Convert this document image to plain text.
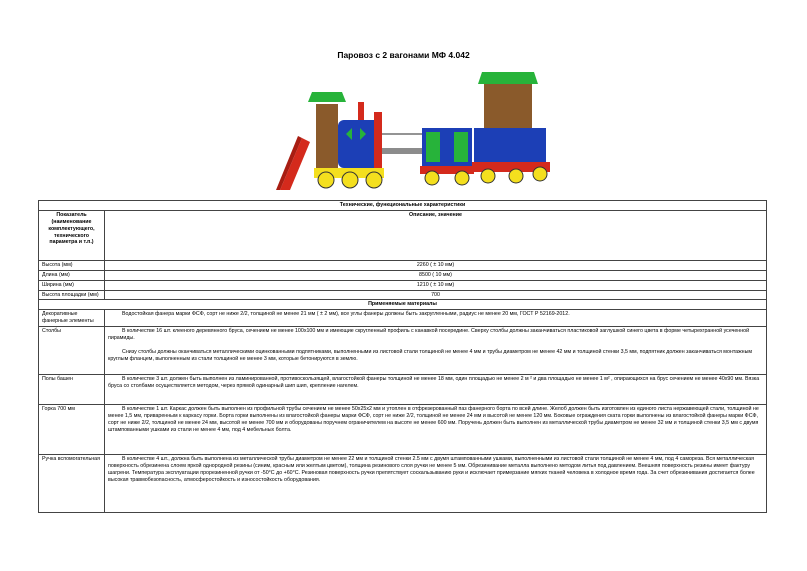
Паровоз с 2 вагонами МФ 4.042
Технические, функциональные характеристики	
Показатель (наименование комплектующего, технического параметра и т.п.)	Описание, значение
Высота (мм)	2260 ( ± 10 мм)
Длина (мм)	8500 ( 10 мм)
Ширина (мм)	1210 ( ± 10 мм)
Высота площадки (мм)	700
Применяемые материалы	
Декоративные фанерные элементы	Водостойкая фанера марки ФСФ, сорт не ниже 2/2, толщиной не менее 21 мм ( ± 2 мм), все углы фанеры должны быть закругленными, радиус не менее 20 мм, ГОСТ Р 52169-2012.

Столбы	В количестве 16 шт. клееного деревянного бруса, сечением не менее 100х100 мм и имеющие скругленный профиль с канавкой посередине. Сверху столбы должны заканчиваться пластиковой заглушкой синего цвета в форме четырехгранной усеченной пирамиды.
Снизу столбы должны оканчиваться металлическими оцинкованными подпятниками, выполненными из листовой стали толщиной не менее 4 мм и трубы диаметром не менее 42 мм и толщиной стенки 3,5 мм, подпятник должен заканчиваться монтажным круглым фланцем, выполненным из стали толщиной не менее 3 мм, которые бетонируются в землю.

Полы башен	В количестве 3 шт. должен быть выполнен из ламинированной, противоскользящей, влагостойкой фанеры толщиной не менее 18 мм, один площадью не менее 2 м ² и два площадью не менее 1 м² , опирающихся на брус сечением не менее 40х90 мм. Вязка бруса со столбами осуществляется методом, через прямой одинарный шип шип, крепление нагелем.

Горка 700 мм	В количестве 1 шт. Каркас должен быть выполнен из профильной трубы сечением не менее 50х25х2 мм и утоплен в отфрезерованный паз фанерного борта по всей длине. Желоб должен быть изготовлен из единого листа нержавеющей стали, толщиной не менее 1,5 мм, приваренным к каркасу горки. Борта горки выполнены из влагостойкой фанеры марки ФСФ, сорт не ниже 2/2, толщиной не менее 24 мм и высотой не менее 120 мм. Боковые ограждения ската горки выполнены из влагостойкой фанеры марки ФСФ, сорт не ниже 2/2, толщиной не менее 24 мм, высотой не менее 700 мм и оборудованы поручнем ограничителем на высоте не менее 600 мм. Поручень должен быть выполнен из металлической трубы диаметром не менее 32 мм и толщиной стенки 3,5 мм с двумя штампованными ушками из стали не менее 4 мм, под 4 мебельных болта.

Ручка вспомогательная	В количестве 4 шт., должна быть выполнена из металлической трубы диаметром не менее 22 мм и толщиной стенки 2.5 мм с двумя штампованными ушками, выполненными из листовой стали толщиной не менее 4 мм, под 4 самореза. Вся металлическая поверхность обрезинена слоем яркой однородной резины (синим, красным или желтым цветом), толщина резинового слоя ручки не менее 5 мм. Обрезинивание металла выполнено методом литья под давлением. Внешняя поверхность резины имеет фактуру шагрени. Температура эксплуатации прорезиненной ручки от -50°С до +60°С. Резиновая поверхность ручки препятствует соскальзыванию руки и исключает примерзание мягких тканей человека в холодное время года. За счет обрезинивания достигается более высокая травмобезопасность, атмосферостойкость и износостойкость оборудования.
